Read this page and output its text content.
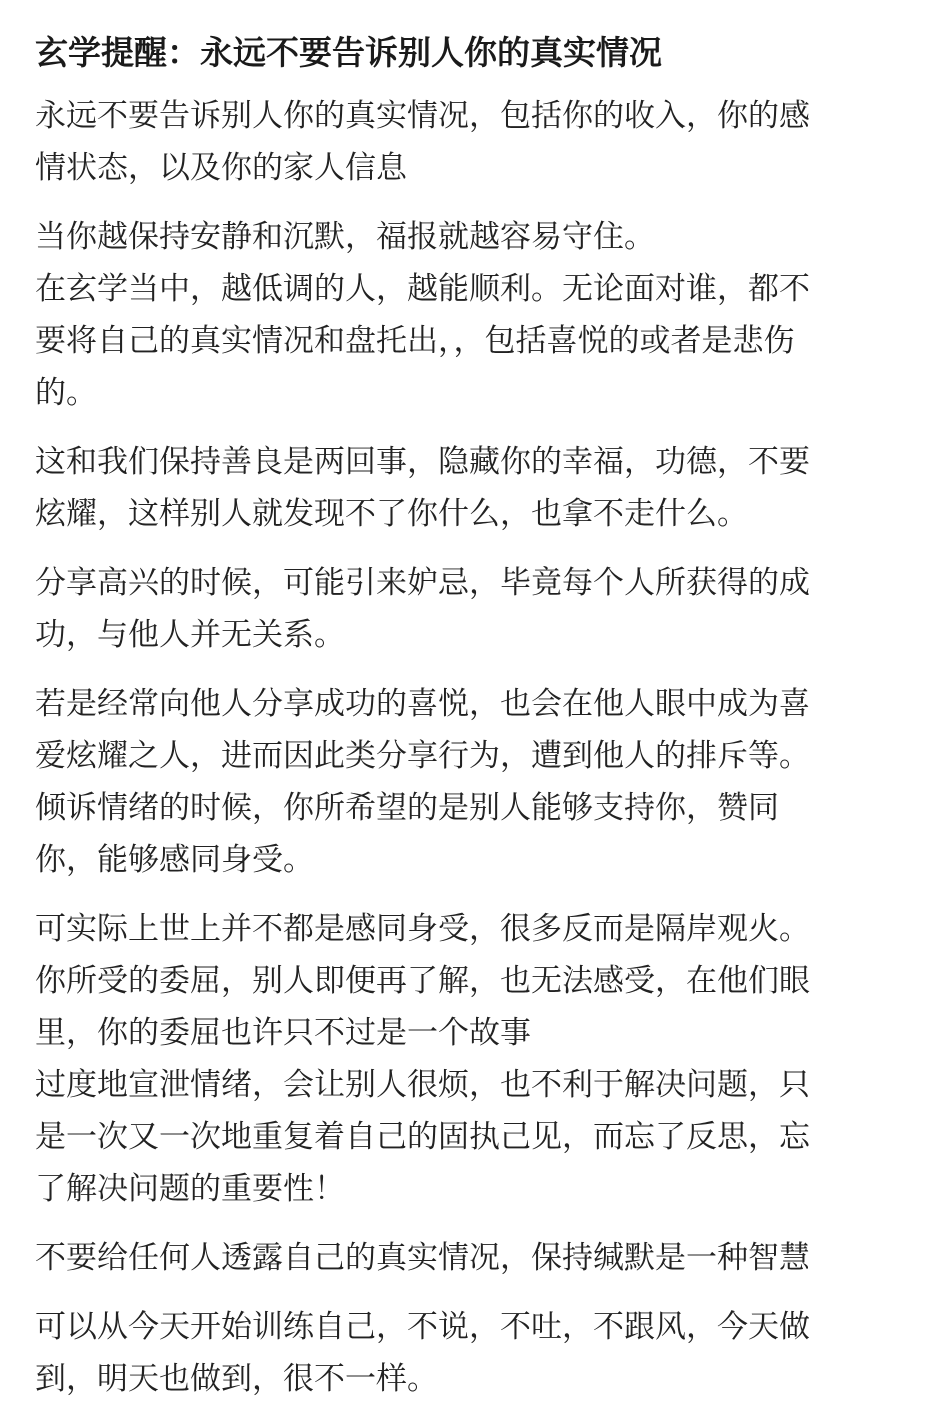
玄学提醒：永远不要告诉别人你的真实情况
永远不要告诉别人你的真实情况，包括你的收入，你的感
情状态，以及你的家人信息
当你越保持安静和沉默，福报就越容易守住。
在玄学当中，越低调的人，越能顺利。无论面对谁，都不
要将自己的真实情况和盘托出，，包括喜悦的或者是悲伤
的。
这和我们保持善良是两回事，隐藏你的幸福，功德，不要
炫耀，这样别人就发现不了你什么，也拿不走什么。
分享高兴的时候，可能引来妒忌，毕竟每个人所获得的成
功，与他人并无关系。
若是经常向他人分享成功的喜悦，也会在他人眼中成为喜
爱炫耀之人，进而因此类分享行为，遭到他人的排斥等。
倾诉情绪的时候，你所希望的是别人能够支持你，赞同
你，能够感同身受。
可实际上世上并不都是感同身受，很多反而是隔岸观火。
你所受的委屈，别人即便再了解，也无法感受，在他们眼
里，你的委屈也许只不过是一个故事
过度地宣泄情绪，会让别人很烦，也不利于解决问题，只
是一次又一次地重复着自己的固执己见，而忘了反思，忘
了解决问题的重要性！
不要给任何人透露自己的真实情况，保持缄默是一种智慧
可以从今天开始训练自己，不说，不吐，不跟风，今天做
到，明天也做到，很不一样。
